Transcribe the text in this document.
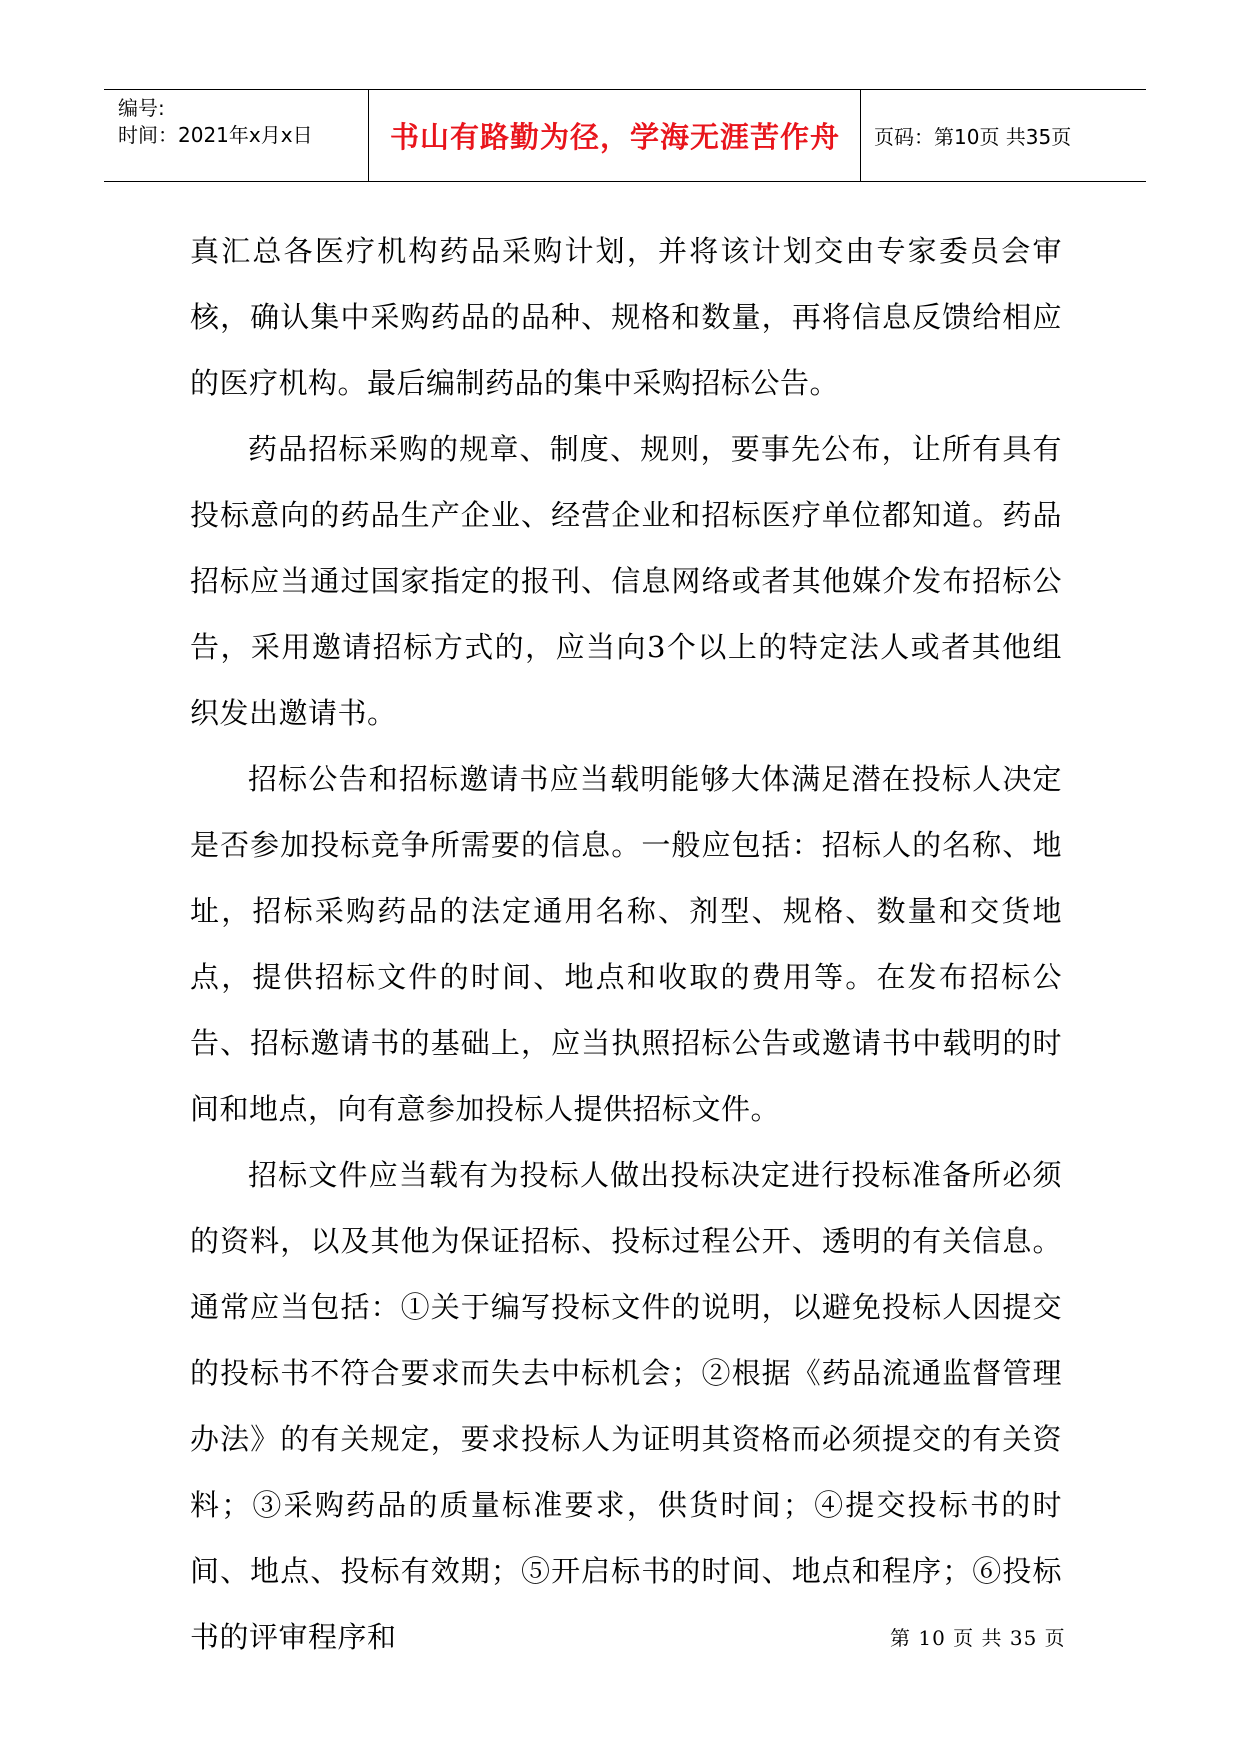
编号:
时间：2021年x月x日	书山有路勤为径，学海无涯苦作舟	页码：第10页 共35页

真汇总各医疗机构药品采购计划，并将该计划交由专家委员会审核，确认集中采购药品的品种、规格和数量，再将信息反馈给相应的医疗机构。最后编制药品的集中采购招标公告。

药品招标采购的规章、制度、规则，要事先公布，让所有具有投标意向的药品生产企业、经营企业和招标医疗单位都知道。药品招标应当通过国家指定的报刊、信息网络或者其他媒介发布招标公告，采用邀请招标方式的，应当向3个以上的特定法人或者其他组织发出邀请书。

招标公告和招标邀请书应当载明能够大体满足潜在投标人决定是否参加投标竞争所需要的信息。一般应包括：招标人的名称、地址，招标采购药品的法定通用名称、剂型、规格、数量和交货地点，提供招标文件的时间、地点和收取的费用等。在发布招标公告、招标邀请书的基础上，应当执照招标公告或邀请书中载明的时间和地点，向有意参加投标人提供招标文件。

招标文件应当载有为投标人做出投标决定进行投标准备所必须的资料，以及其他为保证招标、投标过程公开、透明的有关信息。通常应当包括：①关于编写投标文件的说明，以避免投标人因提交的投标书不符合要求而失去中标机会；②根据《药品流通监督管理办法》的有关规定，要求投标人为证明其资格而必须提交的有关资料；③采购药品的质量标准要求，供货时间；④提交投标书的时间、地点、投标有效期；⑤开启标书的时间、地点和程序；⑥投标书的评审程序和	第 10 页 共 35 页
